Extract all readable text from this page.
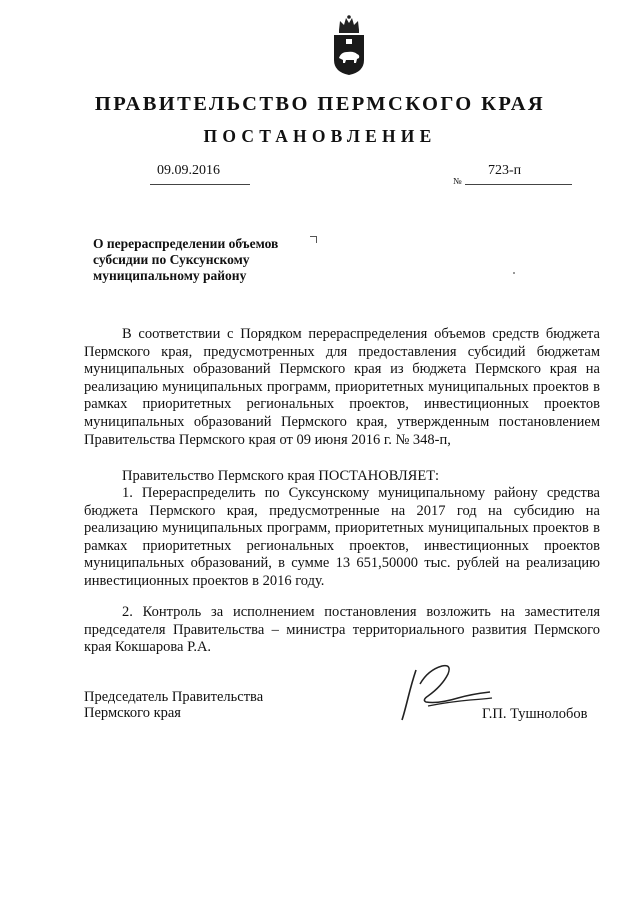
ПРАВИТЕЛЬСТВО ПЕРМСКОГО КРАЯ
ПОСТАНОВЛЕНИЕ
09.09.2016
№
723-п
О перераспределении объемов субсидии по Суксунскому муниципальному району

В соответствии с Порядком перераспределения объемов средств бюджета Пермского края, предусмотренных для предоставления субсидий бюджетам муниципальных образований Пермского края из бюджета Пермского края на реализацию муниципальных программ, приоритетных муниципальных проектов в рамках приоритетных региональных проектов, инвестиционных проектов муниципальных образований Пермского края, утвержденным постановлением Правительства Пермского края от 09 июня 2016 г. № 348-п,

Правительство Пермского края ПОСТАНОВЛЯЕТ:

1. Перераспределить по Суксунскому муниципальному району средства бюджета Пермского края, предусмотренные на 2017 год на субсидию на реализацию муниципальных программ, приоритетных муниципальных проектов в рамках приоритетных региональных проектов, инвестиционных проектов муниципальных образований, в сумме 13 651,50000 тыс. рублей на реализацию инвестиционных проектов в 2016 году.

2. Контроль за исполнением постановления возложить на заместителя председателя Правительства – министра территориального развития Пермского края Кокшарова Р.А.

Председатель Правительства
Пермского края	Г.П. Тушнолобов
